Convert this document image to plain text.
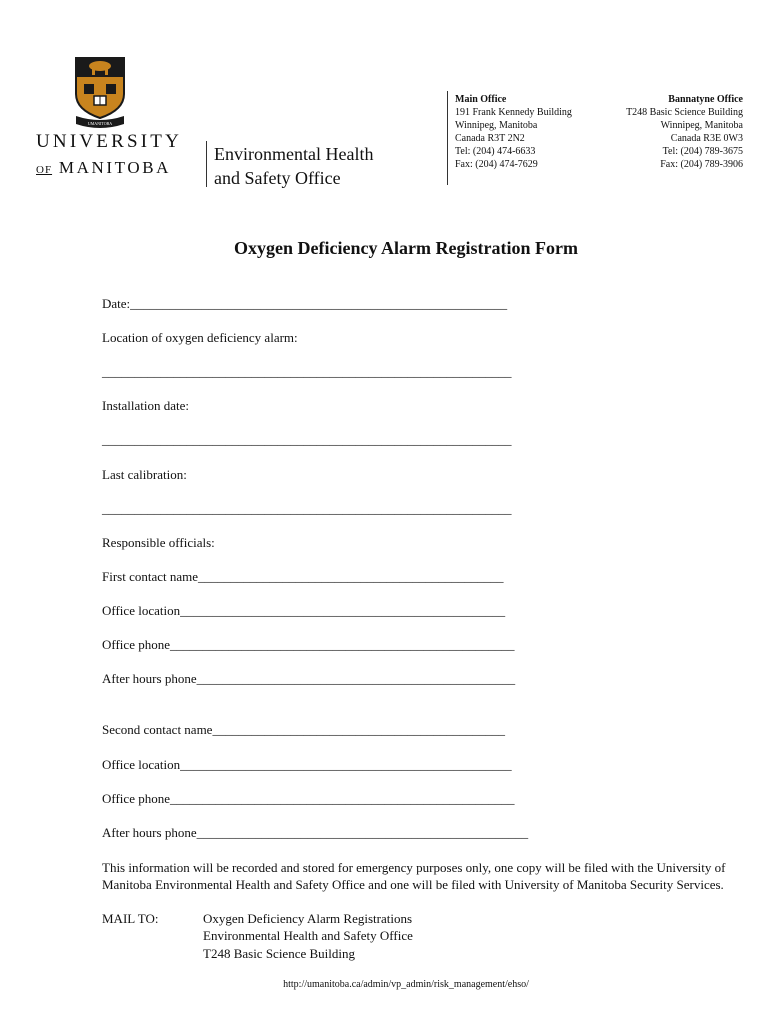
UMANITOBA
UNIVERSITY
OF MANITOBA
Environmental Health
and Safety Office
Main Office
191 Frank Kennedy Building
Winnipeg, Manitoba
Canada R3T 2N2
Tel: (204) 474-6633
Fax: (204) 474-7629
Bannatyne Office
T248 Basic Science Building
Winnipeg, Manitoba
Canada R3E 0W3
Tel: (204) 789-3675
Fax: (204) 789-3906
Oxygen Deficiency Alarm Registration Form
Date:__________________________________________________________
Location of oxygen deficiency alarm:
_______________________________________________________________
Installation date:
_______________________________________________________________
Last calibration:
_______________________________________________________________
Responsible officials:
First contact name_______________________________________________
Office location__________________________________________________
Office phone_____________________________________________________
After hours phone_________________________________________________
Second contact name_____________________________________________
Office location___________________________________________________
Office phone_____________________________________________________
After hours phone___________________________________________________
This information will be recorded and stored for emergency purposes only, one copy will be filed with the University of Manitoba Environmental Health and Safety Office and one will be filed with University of Manitoba Security Services.
MAIL TO:	Oxygen Deficiency Alarm Registrations
Environmental Health and Safety Office
T248 Basic Science Building
http://umanitoba.ca/admin/vp_admin/risk_management/ehso/
